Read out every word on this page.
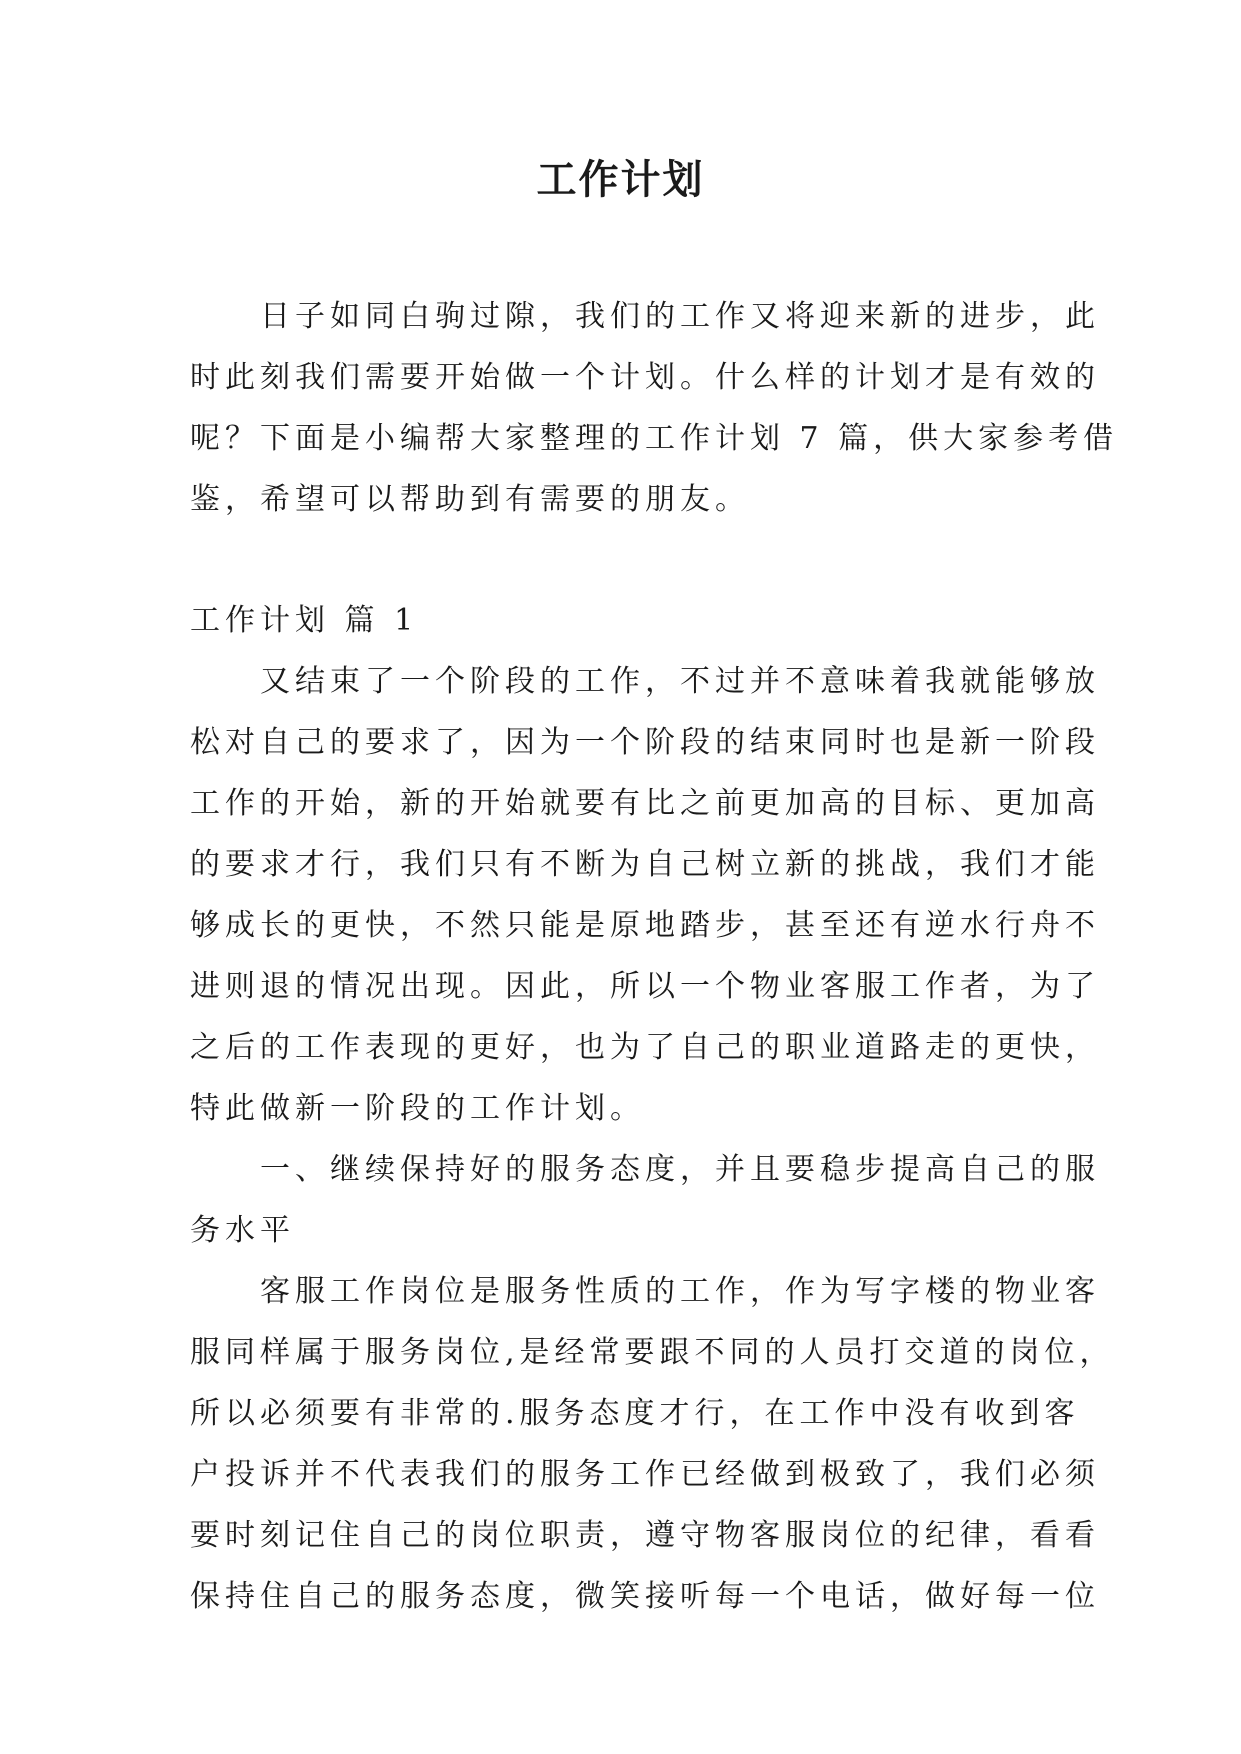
工作计划
　　日子如同白驹过隙，我们的工作又将迎来新的进步，此
时此刻我们需要开始做一个计划。什么样的计划才是有效的
呢？下面是小编帮大家整理的工作计划 7 篇，供大家参考借
鉴，希望可以帮助到有需要的朋友。
工作计划 篇 1
　　又结束了一个阶段的工作，不过并不意味着我就能够放
松对自己的要求了，因为一个阶段的结束同时也是新一阶段
工作的开始，新的开始就要有比之前更加高的目标、更加高
的要求才行，我们只有不断为自己树立新的挑战，我们才能
够成长的更快，不然只能是原地踏步，甚至还有逆水行舟不
进则退的情况出现。因此，所以一个物业客服工作者，为了
之后的工作表现的更好，也为了自己的职业道路走的更快，
特此做新一阶段的工作计划。
　　一、继续保持好的服务态度，并且要稳步提高自己的服
务水平
　　客服工作岗位是服务性质的工作，作为写字楼的物业客
服同样属于服务岗位,是经常要跟不同的人员打交道的岗位，
所以必须要有非常的.服务态度才行，在工作中没有收到客
户投诉并不代表我们的服务工作已经做到极致了，我们必须
要时刻记住自己的岗位职责，遵守物客服岗位的纪律，看看
保持住自己的服务态度，微笑接听每一个电话，做好每一位
